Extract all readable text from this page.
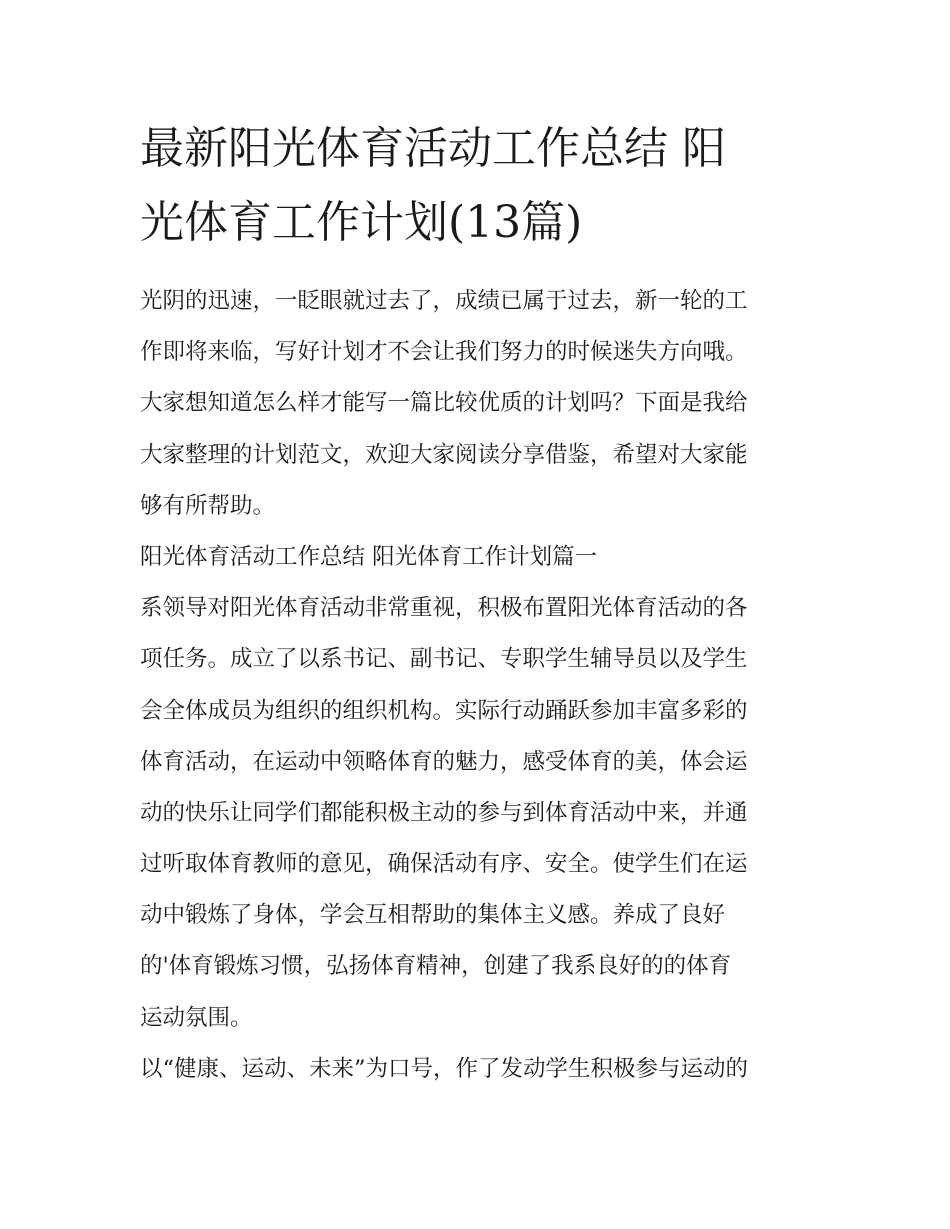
最新阳光体育活动工作总结 阳
光体育工作计划(13篇)
光阴的迅速，一眨眼就过去了，成绩已属于过去，新一轮的工
作即将来临，写好计划才不会让我们努力的时候迷失方向哦。
大家想知道怎么样才能写一篇比较优质的计划吗？下面是我给
大家整理的计划范文，欢迎大家阅读分享借鉴，希望对大家能
够有所帮助。
阳光体育活动工作总结 阳光体育工作计划篇一
系领导对阳光体育活动非常重视，积极布置阳光体育活动的各
项任务。成立了以系书记、副书记、专职学生辅导员以及学生
会全体成员为组织的组织机构。实际行动踊跃参加丰富多彩的
体育活动，在运动中领略体育的魅力，感受体育的美，体会运
动的快乐让同学们都能积极主动的参与到体育活动中来，并通
过听取体育教师的意见，确保活动有序、安全。使学生们在运
动中锻炼了身体，学会互相帮助的集体主义感。养成了良好
的'体育锻炼习惯，弘扬体育精神，创建了我系良好的的体育
运动氛围。
以“健康、运动、未来”为口号，作了发动学生积极参与运动的
